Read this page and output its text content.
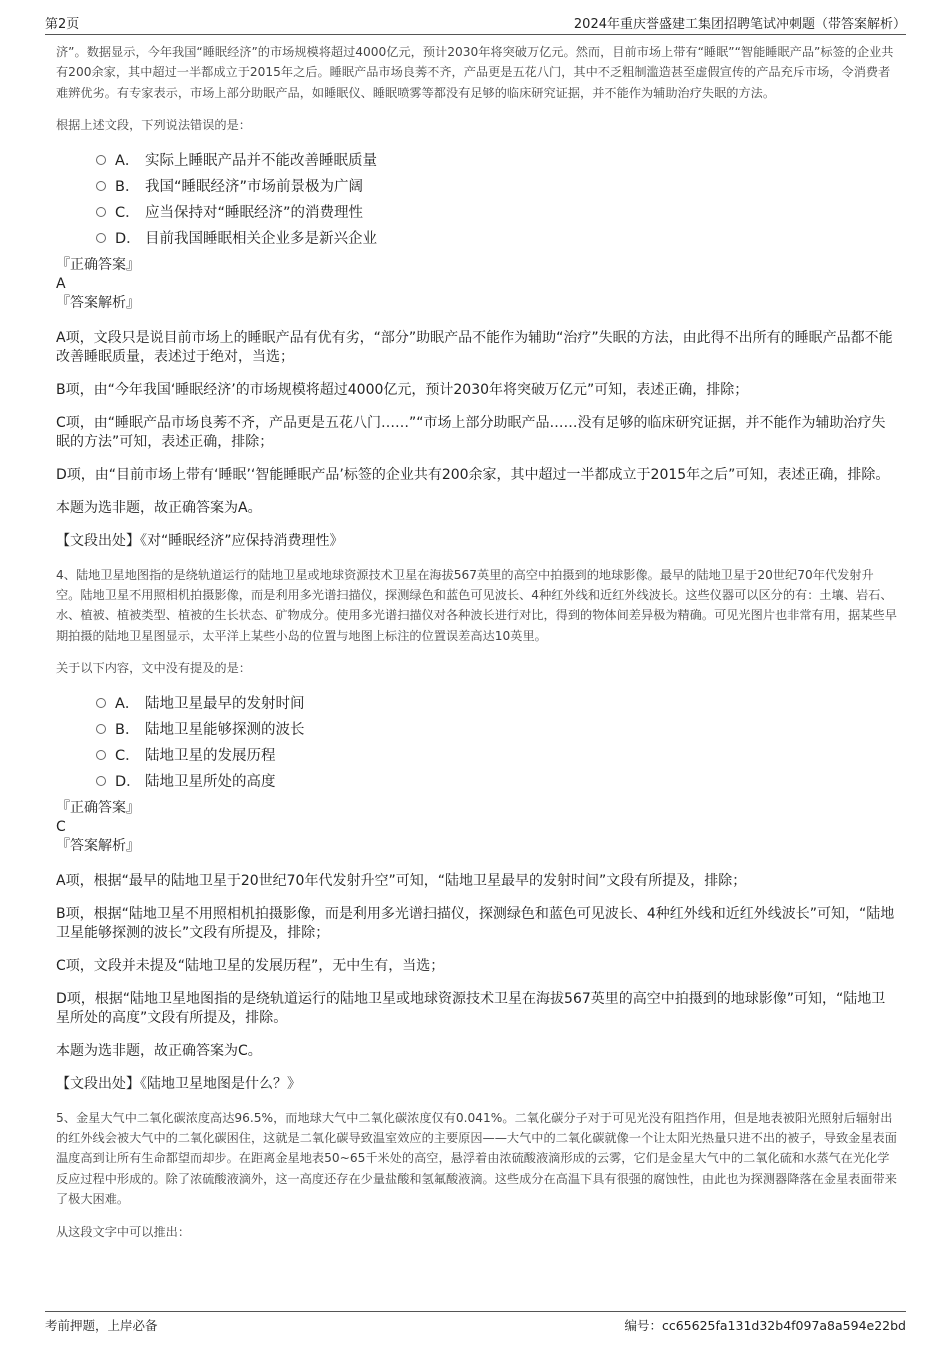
第2页	2024年重庆誉盛建工集团招聘笔试冲刺题（带答案解析）

济”。数据显示，今年我国“睡眠经济”的市场规模将超过4000亿元，预计2030年将突破万亿元。然而，目前市场上带有“睡眠”“智能睡眠产品”标签的企业共有200余家，其中超过一半都成立于2015年之后。睡眠产品市场良莠不齐，产品更是五花八门，其中不乏粗制滥造甚至虚假宣传的产品充斥市场，令消费者难辨优劣。有专家表示，市场上部分助眠产品，如睡眠仪、睡眠喷雾等都没有足够的临床研究证据，并不能作为辅助治疗失眠的方法。

根据上述文段，下列说法错误的是：

A． 实际上睡眠产品并不能改善睡眠质量
B． 我国“睡眠经济”市场前景极为广阔
C． 应当保持对“睡眠经济”的消费理性
D． 目前我国睡眠相关企业多是新兴企业

『正确答案』

A

『答案解析』

A项，文段只是说目前市场上的睡眠产品有优有劣，“部分”助眠产品不能作为辅助“治疗”失眠的方法，由此得不出所有的睡眠产品都不能改善睡眠质量，表述过于绝对，当选；

B项，由“今年我国‘睡眠经济’的市场规模将超过4000亿元，预计2030年将突破万亿元”可知，表述正确，排除；

C项，由“睡眠产品市场良莠不齐，产品更是五花八门……”“市场上部分助眠产品……没有足够的临床研究证据，并不能作为辅助治疗失眠的方法”可知，表述正确，排除；

D项，由“目前市场上带有‘睡眠’‘智能睡眠产品’标签的企业共有200余家，其中超过一半都成立于2015年之后”可知，表述正确，排除。

本题为选非题，故正确答案为A。

【文段出处】《对“睡眠经济”应保持消费理性》

4、陆地卫星地图指的是绕轨道运行的陆地卫星或地球资源技术卫星在海拔567英里的高空中拍摄到的地球影像。最早的陆地卫星于20世纪70年代发射升空。陆地卫星不用照相机拍摄影像，而是利用多光谱扫描仪，探测绿色和蓝色可见波长、4种红外线和近红外线波长。这些仪器可以区分的有：土壤、岩石、水、植被、植被类型、植被的生长状态、矿物成分。使用多光谱扫描仪对各种波长进行对比，得到的物体间差异极为精确。可见光图片也非常有用，据某些早期拍摄的陆地卫星图显示，太平洋上某些小岛的位置与地图上标注的位置误差高达10英里。

关于以下内容，文中没有提及的是：

A． 陆地卫星最早的发射时间
B． 陆地卫星能够探测的波长
C． 陆地卫星的发展历程
D． 陆地卫星所处的高度

『正确答案』

C

『答案解析』

A项，根据“最早的陆地卫星于20世纪70年代发射升空”可知，“陆地卫星最早的发射时间”文段有所提及，排除；

B项，根据“陆地卫星不用照相机拍摄影像，而是利用多光谱扫描仪，探测绿色和蓝色可见波长、4种红外线和近红外线波长”可知，“陆地卫星能够探测的波长”文段有所提及，排除；

C项，文段并未提及“陆地卫星的发展历程”，无中生有，当选；

D项，根据“陆地卫星地图指的是绕轨道运行的陆地卫星或地球资源技术卫星在海拔567英里的高空中拍摄到的地球影像”可知，“陆地卫星所处的高度”文段有所提及，排除。

本题为选非题，故正确答案为C。

【文段出处】《陆地卫星地图是什么？》

5、金星大气中二氧化碳浓度高达96.5%，而地球大气中二氧化碳浓度仅有0.041%。二氧化碳分子对于可见光没有阻挡作用，但是地表被阳光照射后辐射出的红外线会被大气中的二氧化碳困住，这就是二氧化碳导致温室效应的主要原因——大气中的二氧化碳就像一个让太阳光热量只进不出的被子，导致金星表面温度高到让所有生命都望而却步。在距离金星地表50~65千米处的高空，悬浮着由浓硫酸液滴形成的云雾，它们是金星大气中的二氧化硫和水蒸气在光化学反应过程中形成的。除了浓硫酸液滴外，这一高度还存在少量盐酸和氢氟酸液滴。这些成分在高温下具有很强的腐蚀性，由此也为探测器降落在金星表面带来了极大困难。

从这段文字中可以推出：

考前押题，上岸必备	编号：cc65625fa131d32b4f097a8a594e22bd
